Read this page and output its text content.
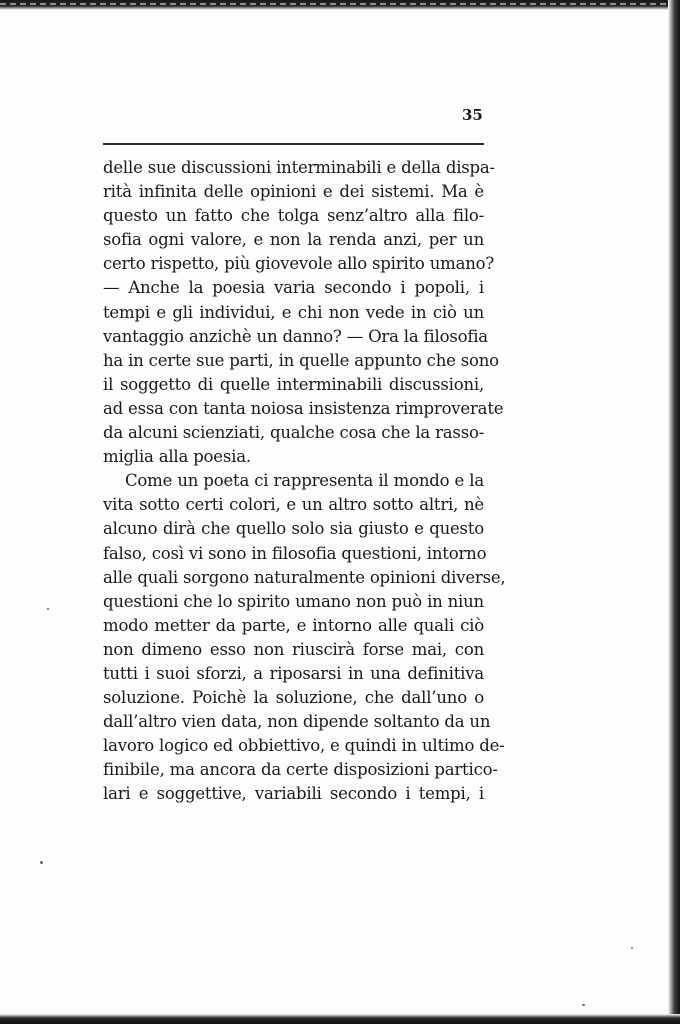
35
delle sue discussioni interminabili e della dispa-
rità infinita delle opinioni e dei sistemi. Ma è
questo un fatto che tolga senz’altro alla filo-
sofia ogni valore, e non la renda anzi, per un
certo rispetto, più giovevole allo spirito umano?
— Anche la poesia varia secondo i popoli, i
tempi e gli individui, e chi non vede in ciò un
vantaggio anzichè un danno? — Ora la filosofia
ha in certe sue parti, in quelle appunto che sono
il soggetto di quelle interminabili discussioni,
ad essa con tanta noiosa insistenza rimproverate
da alcuni scienziati, qualche cosa che la rasso-
miglia alla poesia.
Come un poeta ci rappresenta il mondo e la
vita sotto certi colori, e un altro sotto altri, nè
alcuno dirà che quello solo sia giusto e questo
falso, così vi sono in filosofia questioni, intorno
alle quali sorgono naturalmente opinioni diverse,
questioni che lo spirito umano non può in niun
modo metter da parte, e intorno alle quali ciò
non dimeno esso non riuscirà forse mai, con
tutti i suoi sforzi, a riposarsi in una definitiva
soluzione. Poichè la soluzione, che dall’uno o
dall’altro vien data, non dipende soltanto da un
lavoro logico ed obbiettivo, e quindi in ultimo de-
finibile, ma ancora da certe disposizioni partico-
lari e soggettive, variabili secondo i tempi, i
